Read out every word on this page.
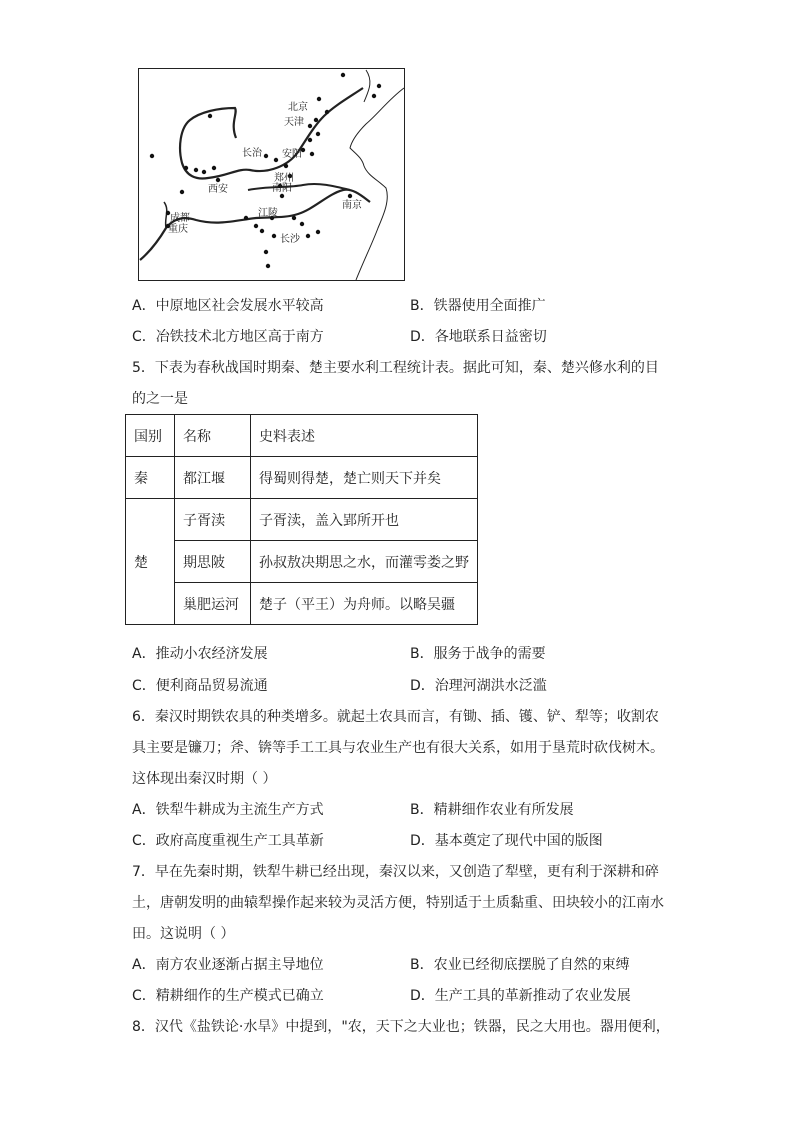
北京
天津
长治 安阳
郑州
南阳
西安
南京
江陵
成都
重庆
长沙
A．中原地区社会发展水平较高	B．铁器使用全面推广
C．冶铁技术北方地区高于南方	D．各地联系日益密切
5．下表为春秋战国时期秦、楚主要水利工程统计表。据此可知，秦、楚兴修水利的目
的之一是
国别	名称	史料表述
秦	都江堰	得蜀则得楚，楚亡则天下并矣
楚	子胥渎	子胥渎，盖入郢所开也
	期思陂	孙叔敖决期思之水，而灌雩娄之野
	巢肥运河	楚子（平王）为舟师。以略吴疆
A．推动小农经济发展	B．服务于战争的需要
C．便利商品贸易流通	D．治理河湖洪水泛滥
6．秦汉时期铁农具的种类增多。就起土农具而言，有锄、插、镬、铲、犁等；收割农
具主要是镰刀；斧、锛等手工工具与农业生产也有很大关系，如用于垦荒时砍伐树木。
这体现出秦汉时期（ ）
A．铁犁牛耕成为主流生产方式	B．精耕细作农业有所发展
C．政府高度重视生产工具革新	D．基本奠定了现代中国的版图
7．早在先秦时期，铁犁牛耕已经出现，秦汉以来，又创造了犁壁，更有利于深耕和碎
土，唐朝发明的曲辕犁操作起来较为灵活方便，特别适于土质黏重、田块较小的江南水
田。这说明（ ）
A．南方农业逐渐占据主导地位	B．农业已经彻底摆脱了自然的束缚
C．精耕细作的生产模式已确立	D．生产工具的革新推动了农业发展
8．汉代《盐铁论·水旱》中提到，"农，天下之大业也；铁器，民之大用也。器用便利，
